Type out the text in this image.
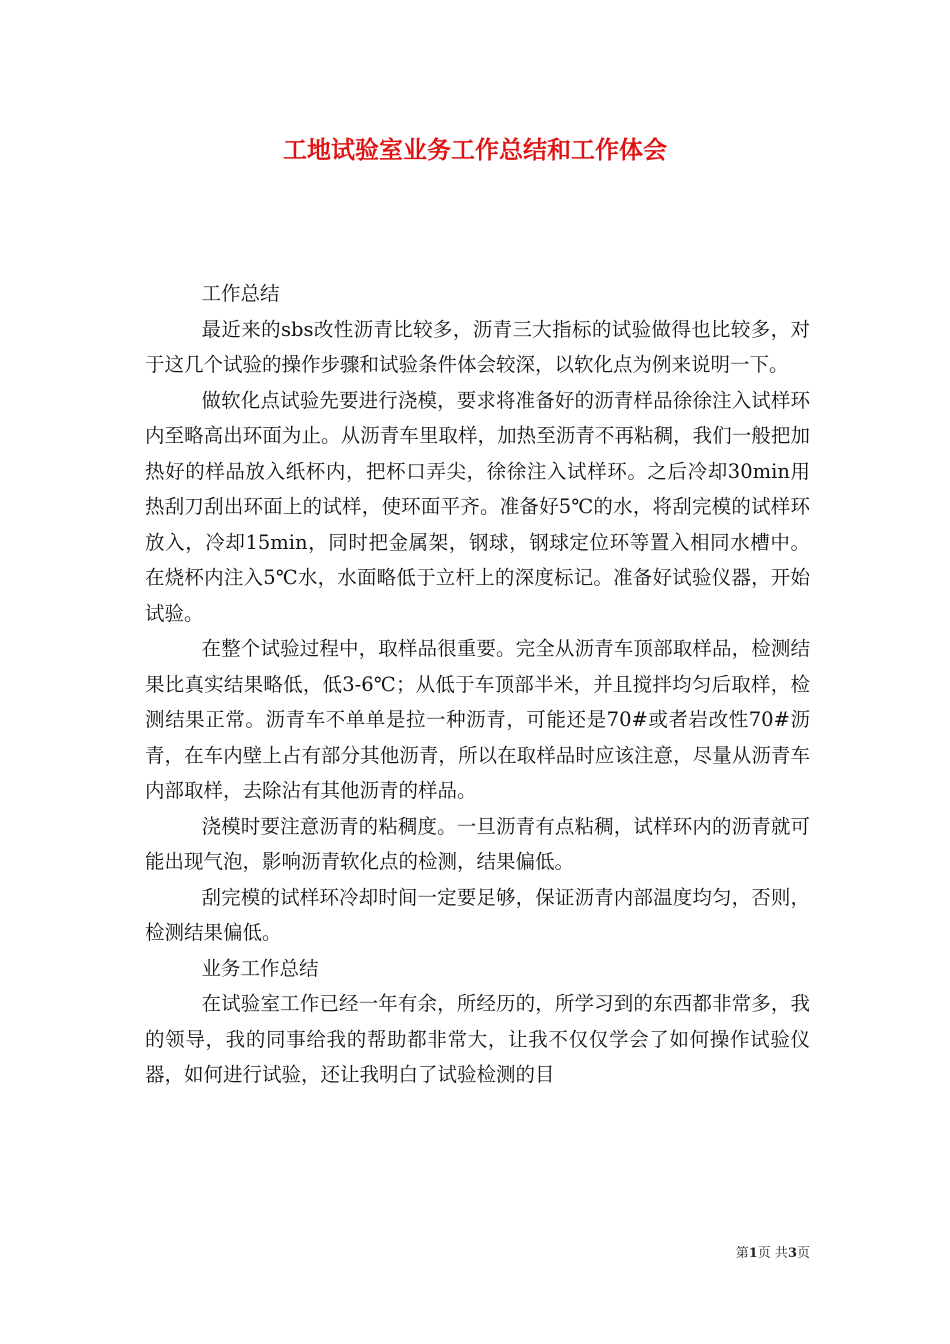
工地试验室业务工作总结和工作体会

工作总结

最近来的sbs改性沥青比较多，沥青三大指标的试验做得也比较多，对于这几个试验的操作步骤和试验条件体会较深，以软化点为例来说明一下。

做软化点试验先要进行浇模，要求将准备好的沥青样品徐徐注入试样环内至略高出环面为止。从沥青车里取样，加热至沥青不再粘稠，我们一般把加热好的样品放入纸杯内，把杯口弄尖，徐徐注入试样环。之后冷却30min用热刮刀刮出环面上的试样，使环面平齐。准备好5℃的水，将刮完模的试样环放入，冷却15min，同时把金属架，钢球，钢球定位环等置入相同水槽中。在烧杯内注入5℃水，水面略低于立杆上的深度标记。准备好试验仪器，开始试验。

在整个试验过程中，取样品很重要。完全从沥青车顶部取样品，检测结果比真实结果略低，低3-6℃；从低于车顶部半米，并且搅拌均匀后取样，检测结果正常。沥青车不单单是拉一种沥青，可能还是70#或者岩改性70#沥青，在车内壁上占有部分其他沥青，所以在取样品时应该注意，尽量从沥青车内部取样，去除沾有其他沥青的样品。

浇模时要注意沥青的粘稠度。一旦沥青有点粘稠，试样环内的沥青就可能出现气泡，影响沥青软化点的检测，结果偏低。

刮完模的试样环冷却时间一定要足够，保证沥青内部温度均匀，否则，检测结果偏低。

业务工作总结

在试验室工作已经一年有余，所经历的，所学习到的东西都非常多，我的领导，我的同事给我的帮助都非常大，让我不仅仅学会了如何操作试验仪器，如何进行试验，还让我明白了试验检测的目

第1页 共3页
